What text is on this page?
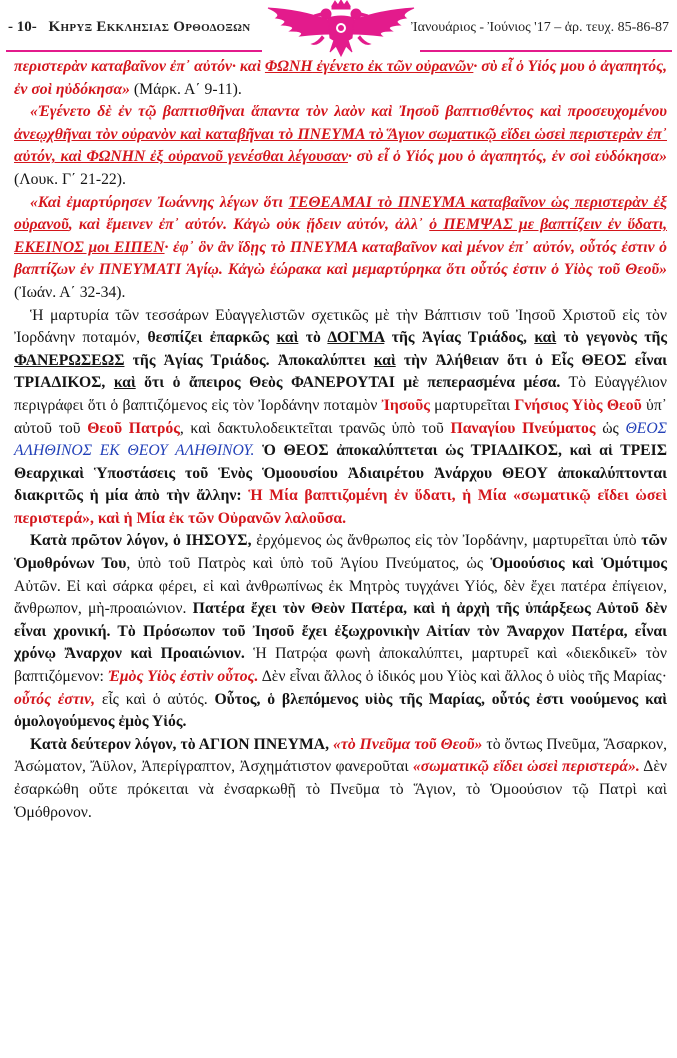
- 10- Κηρυξ Εκκλησιας Ορθοδοξων	Ἰανουάριος - Ἰούνιος '17 – ἀρ. τευχ. 85-86-87

περιστερὰν καταβαῖνον ἐπ᾽ αὐτόν· καὶ ΦΩΝΗ ἐγένετο ἐκ τῶν οὐρανῶν· σὺ εἶ ὁ Υἱός μου ὁ ἀγαπητός, ἐν σοὶ ηὐδόκησα» (Μάρκ. Α΄ 9-11).

«Ἐγένετο δὲ ἐν τῷ βαπτισθῆναι ἅπαντα τὸν λαὸν καὶ Ἰησοῦ βαπτισθέντος καὶ προσευχομένου ἀνεῳχθῆναι τὸν οὐρανὸν καὶ καταβῆναι τὸ ΠΝΕΥΜΑ τὸ Ἅγιον σωματικῷ εἴδει ὡσεὶ περιστερὰν ἐπ᾽ αὐτόν, καὶ ΦΩΝΗΝ ἐξ οὐρανοῦ γενέσθαι λέγουσαν· σὺ εἶ ὁ Υἱός μου ὁ ἀγαπητός, ἐν σοὶ εὐδόκησα» (Λουκ. Γ΄ 21-22).

«Καὶ ἐμαρτύρησεν Ἰωάννης λέγων ὅτι ΤΕΘΕΑΜΑΙ τὸ ΠΝΕΥΜΑ καταβαῖνον ὡς περιστερὰν ἐξ οὐρανοῦ, καὶ ἔμεινεν ἐπ᾽ αὐτόν. Κἀγὼ οὐκ ᾔδειν αὐτόν, ἀλλ᾽ ὁ ΠΕΜΨΑΣ με βαπτίζειν ἐν ὕδατι, ΕΚΕΙΝΟΣ μοι ΕΙΠΕΝ· ἐφ᾽ ὃν ἂν ἴδῃς τὸ ΠΝΕΥΜΑ καταβαῖνον καὶ μένον ἐπ᾽ αὐτόν, οὗτός ἐστιν ὁ βαπτίζων ἐν ΠΝΕΥΜΑΤΙ Ἁγίῳ. Κἀγὼ ἑώρακα καὶ μεμαρτύρηκα ὅτι οὗτός ἐστιν ὁ Υἱὸς τοῦ Θεοῦ» (Ἰωάν. Α΄ 32-34).

Ἡ μαρτυρία τῶν τεσσάρων Εὐαγγελιστῶν σχετικῶς μὲ τὴν Βάπτισιν τοῦ Ἰησοῦ Χριστοῦ εἰς τὸν Ἰορδάνην ποταμόν, θεσπίζει ἐπαρκῶς καὶ τὸ ΔΟΓΜΑ τῆς Ἁγίας Τριάδος, καὶ τὸ γεγονὸς τῆς ΦΑΝΕΡΩΣΕΩΣ τῆς Ἁγίας Τριάδος. Ἀποκαλύπτει καὶ τὴν Ἀλήθειαν ὅτι ὁ Εἷς ΘΕΟΣ εἶναι ΤΡΙΑΔΙΚΟΣ, καὶ ὅτι ὁ ἄπειρος Θεὸς ΦΑΝΕΡΟΥΤΑΙ μὲ πεπερασμένα μέσα. Τὸ Εὐαγγέλιον περιγράφει ὅτι ὁ βαπτιζόμενος εἰς τὸν Ἰορδάνην ποταμὸν Ἰησοῦς μαρτυρεῖται Γνήσιος Υἱὸς Θεοῦ ὑπ᾽ αὐτοῦ τοῦ Θεοῦ Πατρός, καὶ δακτυλοδεικτεῖται τρανῶς ὑπὸ τοῦ Παναγίου Πνεύματος ὡς ΘΕΟΣ ΑΛΗΘΙΝΟΣ ΕΚ ΘΕΟΥ ΑΛΗΘΙΝΟΥ. Ὁ ΘΕΟΣ ἀποκαλύπτεται ὡς ΤΡΙΑΔΙΚΟΣ, καὶ αἱ ΤΡΕΙΣ Θεαρχικαὶ Ὑποστάσεις τοῦ Ἑνὸς Ὁμοουσίου Ἀδιαιρέτου Ἀνάρχου ΘΕΟΥ ἀποκαλύπτονται διακριτῶς ἡ μία ἀπὸ τὴν ἄλλην: Ἡ Μία βαπτιζομένη ἐν ὕδατι, ἡ Μία «σωματικῷ εἴδει ὡσεὶ περιστερά», καὶ ἡ Μία ἐκ τῶν Οὐρανῶν λαλοῦσα.

Κατὰ πρῶτον λόγον, ὁ ΙΗΣΟΥΣ, ἐρχόμενος ὡς ἄνθρωπος εἰς τὸν Ἰορδάνην, μαρτυρεῖται ὑπὸ τῶν Ὁμοθρόνων Του, ὑπὸ τοῦ Πατρὸς καὶ ὑπὸ τοῦ Ἁγίου Πνεύματος, ὡς Ὁμοούσιος καὶ Ὁμότιμος Αὐτῶν. Εἰ καὶ σάρκα φέρει, εἰ καὶ ἀνθρωπίνως ἐκ Μητρὸς τυγχάνει Υἱός, δὲν ἔχει πατέρα ἐπίγειον, ἄνθρωπον, μὴ-προαιώνιον. Πατέρα ἔχει τὸν Θεὸν Πατέρα, καὶ ἡ ἀρχὴ τῆς ὑπάρξεως Αὐτοῦ δὲν εἶναι χρονική. Τὸ Πρόσωπον τοῦ Ἰησοῦ ἔχει ἐξωχρονικὴν Αἰτίαν τὸν Ἄναρχον Πατέρα, εἶναι χρόνῳ Ἄναρχον καὶ Προαιώνιον. Ἡ Πατρῴα φωνὴ ἀποκαλύπτει, μαρτυρεῖ καὶ «διεκδικεῖ» τὸν βαπτιζόμενον: Ἐμὸς Υἱὸς ἐστὶν οὗτος. Δὲν εἶναι ἄλλος ὁ ἰδικός μου Υἱὸς καὶ ἄλλος ὁ υἱὸς τῆς Μαρίας· οὗτός ἐστιν, εἷς καὶ ὁ αὐτός. Οὗτος, ὁ βλεπόμενος υἱὸς τῆς Μαρίας, οὗτός ἐστι νοούμενος καὶ ὁμολογούμενος ἐμὸς Υἱός.

Κατὰ δεύτερον λόγον, τὸ ΑΓΙΟΝ ΠΝΕΥΜΑ, «τὸ Πνεῦμα τοῦ Θεοῦ» τὸ ὄντως Πνεῦμα, Ἄσαρκον, Ἀσώματον, Ἄϋλον, Ἀπερίγραπτον, Ἀσχημάτιστον φανεροῦται «σωματικῷ εἴδει ὡσεὶ περιστερά». Δὲν ἐσαρκώθη οὔτε πρόκειται νὰ ἐνσαρκωθῇ τὸ Πνεῦμα τὸ Ἅγιον, τὸ Ὁμοούσιον τῷ Πατρὶ καὶ Ὁμόθρονον.
